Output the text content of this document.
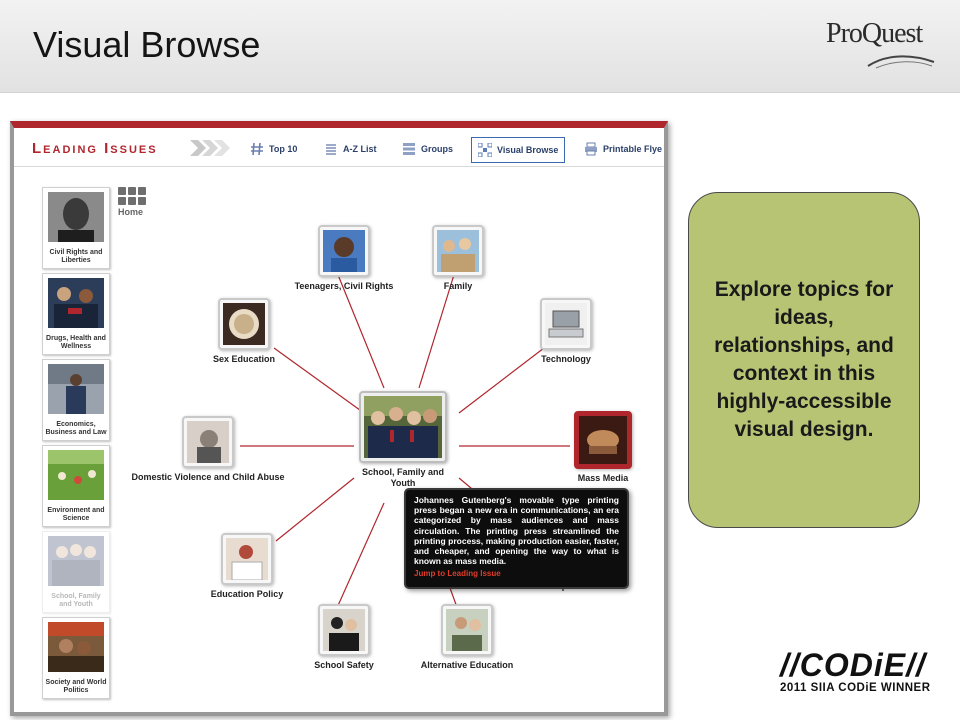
Visual Browse	ProQuest
Leading Issues	Top 10	A-Z List	Groups	Visual Browse	Printable Flye
Home
Civil Rights and Liberties
Drugs, Health and Wellness
Economics, Business and Law
Environment and Science
School, Family and Youth
Society and World Politics
School, Family and Youth
Teenagers, Civil Rights	Family
Sex Education	Technology
Domestic Violence and Child Abuse	Mass Media
Education Policy
School Safety	Alternative Education
Johannes Gutenberg's movable type printing press began a new era in communications, an era categorized by mass audiences and mass circulation. The printing press streamlined the printing process, making production easier, faster, and cheaper, and opening the way to what is known as mass media.
Jump to Leading Issue
Explore topics for ideas, relationships, and context in this highly-accessible visual design.
//CODiE//
2011 SIIA CODiE WINNER
